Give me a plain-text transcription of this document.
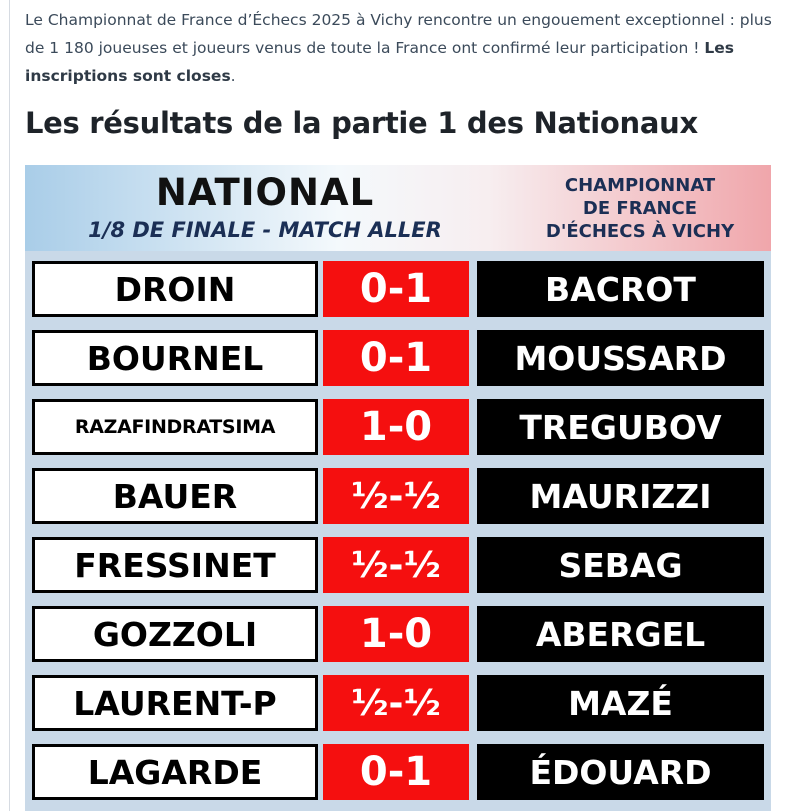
Le Championnat de France d’Échecs 2025 à Vichy rencontre un engouement exceptionnel : plus de 1 180 joueuses et joueurs venus de toute la France ont confirmé leur participation ! Les inscriptions sont closes.

Les résultats de la partie 1 des Nationaux
NATIONAL
1/8 DE FINALE - MATCH ALLER
CHAMPIONNAT
DE FRANCE
D'ÉCHECS À VICHY
DROIN	0-1	BACROT
BOURNEL	0-1	MOUSSARD
RAZAFINDRATSIMA	1-0	TREGUBOV
BAUER	½-½	MAURIZZI
FRESSINET	½-½	SEBAG
GOZZOLI	1-0	ABERGEL
LAURENT-P	½-½	MAZÉ
LAGARDE	0-1	ÉDOUARD
